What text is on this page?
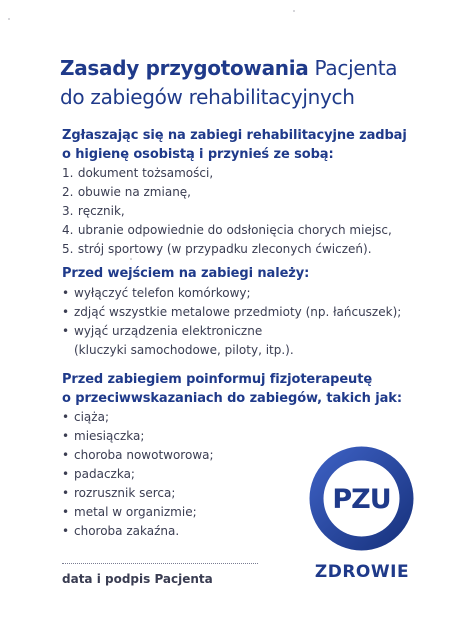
Zasady przygotowania Pacjenta
do zabiegów rehabilitacyjnych
Zgłaszając się na zabiegi rehabilitacyjne zadbaj
o higienę osobistą i przynieś ze sobą:
1. dokument tożsamości,
2. obuwie na zmianę,
3. ręcznik,
4. ubranie odpowiednie do odsłonięcia chorych miejsc,
5. strój sportowy (w przypadku zleconych ćwiczeń).
Przed wejściem na zabiegi należy:
• wyłączyć telefon komórkowy;
• zdjąć wszystkie metalowe przedmioty (np. łańcuszek);
• wyjąć urządzenia elektroniczne
(kluczyki samochodowe, piloty, itp.).
Przed zabiegiem poinformuj fizjoterapeutę
o przeciwwskazaniach do zabiegów, takich jak:
• ciąża;
• miesiączka;
• choroba nowotworowa;
• padaczka;
• rozrusznik serca;
• metal w organizmie;
• choroba zakaźna.
PZU
ZDROWIE
data i podpis Pacjenta
